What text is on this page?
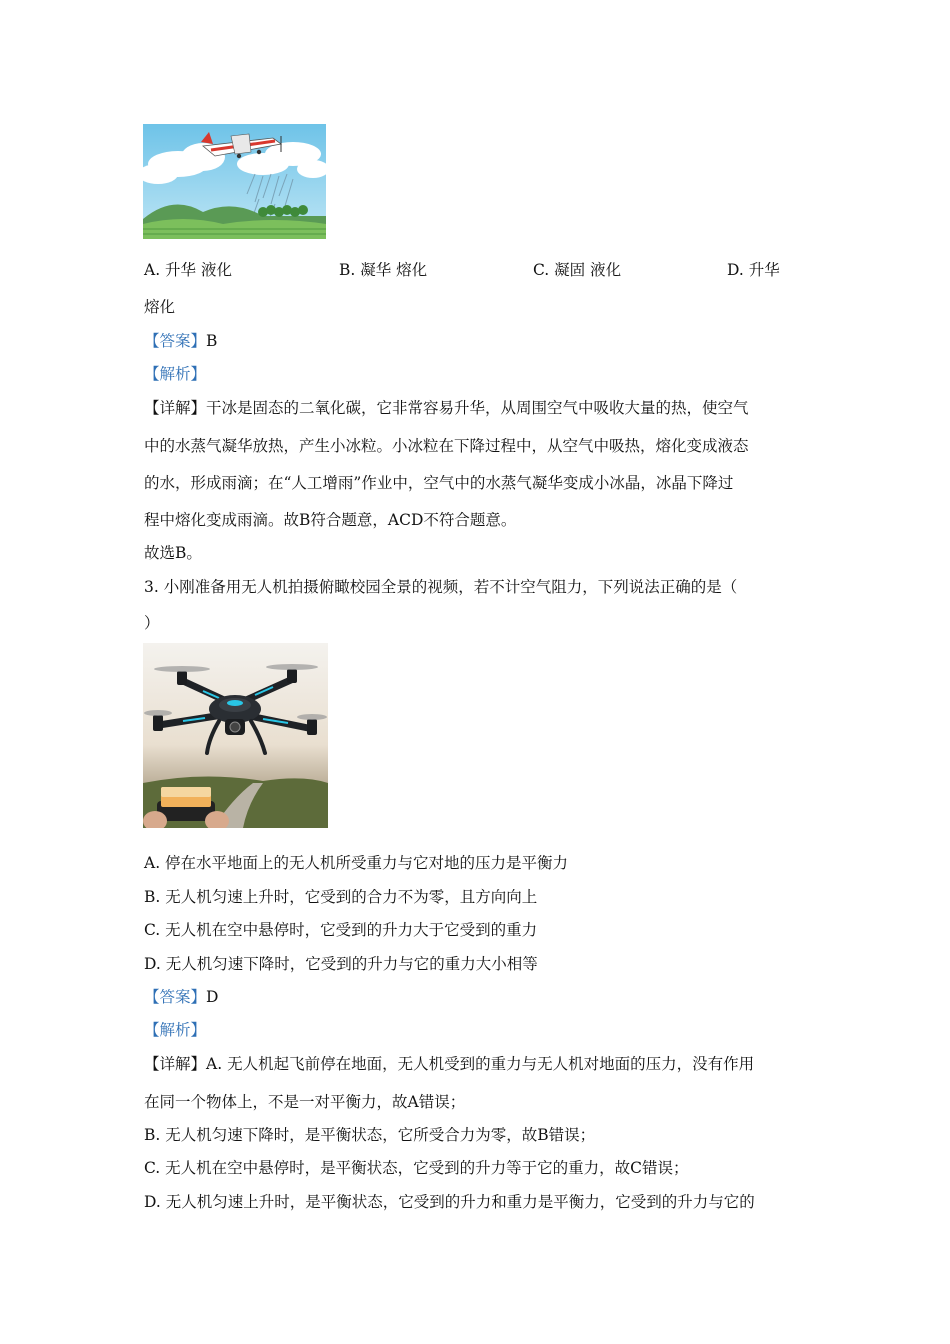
A. 升华 液化	B. 凝华 熔化	C. 凝固 液化	D. 升华
熔化
【答案】B
【解析】
【详解】干冰是固态的二氧化碳，它非常容易升华，从周围空气中吸收大量的热，使空气
中的水蒸气凝华放热，产生小冰粒。小冰粒在下降过程中，从空气中吸热，熔化变成液态
的水，形成雨滴；在“人工增雨”作业中，空气中的水蒸气凝华变成小冰晶，冰晶下降过
程中熔化变成雨滴。故B符合题意，ACD不符合题意。
故选B。
3. 小刚准备用无人机拍摄俯瞰校园全景的视频，若不计空气阻力，下列说法正确的是（
）
A. 停在水平地面上的无人机所受重力与它对地的压力是平衡力
B. 无人机匀速上升时，它受到的合力不为零，且方向向上
C. 无人机在空中悬停时，它受到的升力大于它受到的重力
D. 无人机匀速下降时，它受到的升力与它的重力大小相等
【答案】D
【解析】
【详解】A. 无人机起飞前停在地面，无人机受到的重力与无人机对地面的压力，没有作用
在同一个物体上，不是一对平衡力，故A错误；
B. 无人机匀速下降时，是平衡状态，它所受合力为零，故B错误；
C. 无人机在空中悬停时，是平衡状态，它受到的升力等于它的重力，故C错误；
D. 无人机匀速上升时，是平衡状态，它受到的升力和重力是平衡力，它受到的升力与它的
